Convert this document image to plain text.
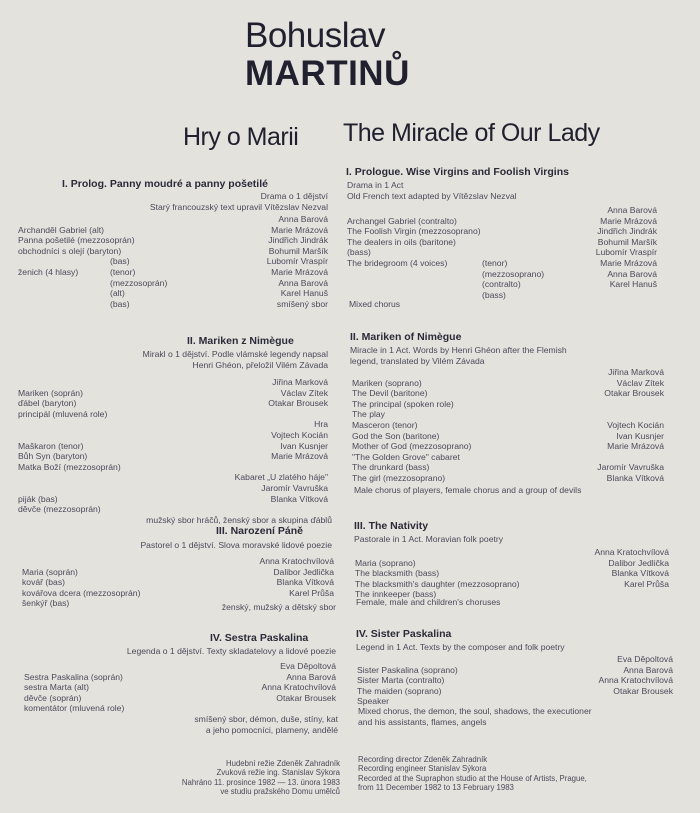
Bohuslav
MARTINŮ
Hry o Marii The Miracle of Our Lady
I. Prolog. Panny moudré a panny pošetilé
Drama o 1 dějství
Starý francouzský text upravil Vítězslav Nezval
Anna Barová
Archanděl Gabriel (alt)	Marie Mrázová
Panna pošetilé (mezzosoprán)	Jindřich Jindrák
obchodníci s olejí (baryton)	Bohumil Maršík
(bas)	Lubomír Vraspír
ženich (4 hlasy)	(tenor)	Marie Mrázová
(mezzosoprán)	Anna Barová
(alt)	Karel Hanuš
(bas)	smíšený sbor
II. Mariken z Nimègue
Mirakl o 1 dějství. Podle vlámské legendy napsal
Henri Ghéon, přeložil Vilém Závada
Jiřina Marková
Mariken (soprán)	Václav Zítek
ďábel (baryton)	Otakar Brousek
principál (mluvená role)
Hra
Vojtech Kocián
Maškaron (tenor)	Ivan Kusnjer
Bůh Syn (baryton)	Marie Mrázová
Matka Boží (mezzosoprán)
Kabaret „U zlatého háje"
Jaromír Vavruška
piják (bas)	Blanka Vítková
děvče (mezzosoprán)
mužský sbor hráčů, ženský sbor a skupina ďáblů
III. Narození Páně
Pastorel o 1 dějství. Slova moravské lidové poezie
Anna Kratochvílová
Maria (soprán)	Dalibor Jedlička
kovář (bas)	Blanka Vítková
kovářova dcera (mezzosoprán)	Karel Průša
šenkýř (bas)	ženský, mužský a dětský sbor
IV. Sestra Paskalina
Legenda o 1 dějství. Texty skladatelovy a lidové poezie
Eva Děpoltová
Sestra Paskalina (soprán)	Anna Barová
sestra Marta (alt)	Anna Kratochvílová
děvče (soprán)	Otakar Brousek
komentátor (mluvená role)
smíšený sbor, démon, duše, stíny, kat
a jeho pomocníci, plameny, andělé
Hudební režie Zdeněk Zahradník
Zvuková režie ing. Stanislav Sýkora
Nahráno 11. prosince 1982 — 13. února 1983
ve studiu pražského Domu umělců
I. Prologue. Wise Virgins and Foolish Virgins
Drama in 1 Act
Old French text adapted by Vítězslav Nezval
Anna Barová
Archangel Gabriel (contralto)	Marie Mrázová
The Foolish Virgin (mezzosoprano)	Jindřich Jindrák
The dealers in oils (baritone)	Bohumil Maršík
(bass)	Lubomír Vraspír
The bridegroom (4 voices)	(tenor)	Marie Mrázová
(mezzosoprano)	Anna Barová
(contralto)	Karel Hanuš
(bass)
Mixed chorus
II. Mariken of Nimègue
Miracle in 1 Act. Words by Henri Ghéon after the Flemish
legend, translated by Vilém Závada
Jiřina Marková
Mariken (soprano)	Václav Zítek
The Devil (baritone)	Otakar Brousek
The principal (spoken role)
The play
Masceron (tenor)	Vojtech Kocián
God the Son (baritone)	Ivan Kusnjer
Mother of God (mezzosoprano)	Marie Mrázová
"The Golden Grove" cabaret
The drunkard (bass)	Jaromír Vavruška
The girl (mezzosoprano)	Blanka Vítková
Male chorus of players, female chorus and a group of devils
III. The Nativity
Pastorale in 1 Act. Moravian folk poetry
Anna Kratochvílová
Maria (soprano)	Dalibor Jedlička
The blacksmith (bass)	Blanka Vítková
The blacksmith's daughter (mezzosoprano)	Karel Průša
The innkeeper (bass)
Female, male and children's choruses
IV. Sister Paskalina
Legend in 1 Act. Texts by the composer and folk poetry
Eva Děpoltová
Sister Paskalina (soprano)	Anna Barová
Sister Marta (contralto)	Anna Kratochvílová
The maiden (soprano)	Otakar Brousek
Speaker
Mixed chorus, the demon, the soul, shadows, the executioner
and his assistants, flames, angels
Recording director Zdeněk Zahradník
Recording engineer Stanislav Sýkora
Recorded at the Supraphon studio at the House of Artists, Prague,
from 11 December 1982 to 13 February 1983
